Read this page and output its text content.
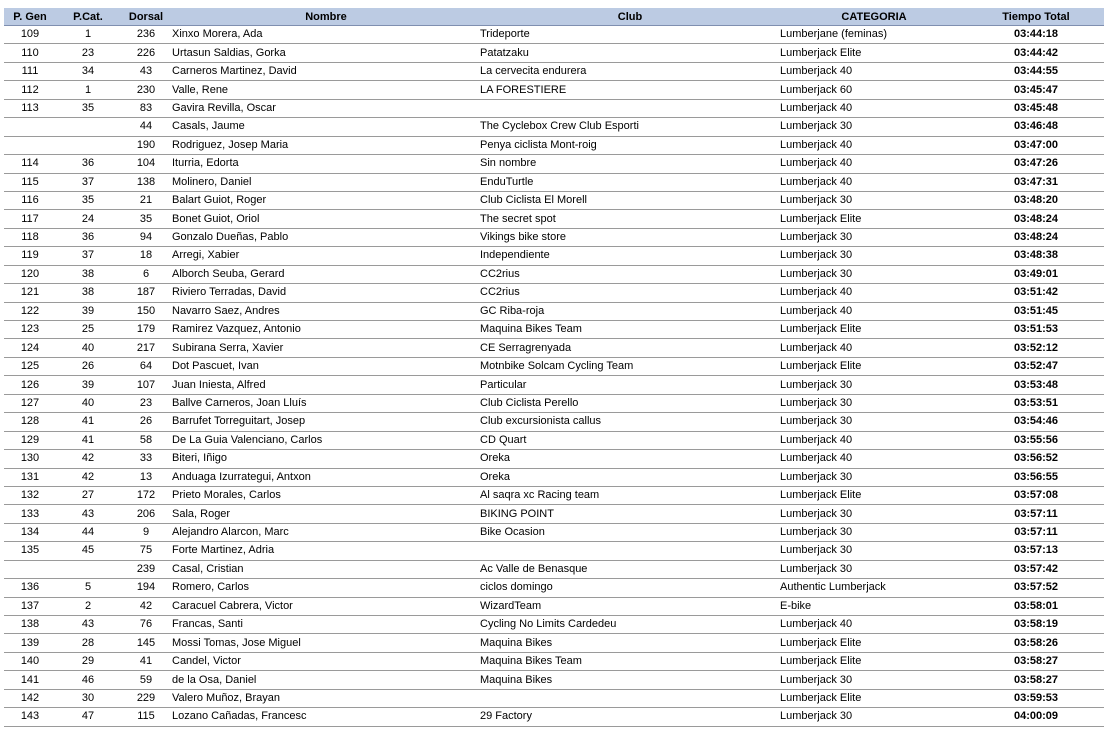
P. Gen	P.Cat.	Dorsal	Nombre	Club	CATEGORIA	Tiempo Total
109	1	236	Xinxo Morera, Ada	Trideporte	Lumberjane (feminas)	03:44:18
110	23	226	Urtasun Saldias, Gorka	Patatzaku	Lumberjack Elite	03:44:42
111	34	43	Carneros Martinez, David	La cervecita endurera	Lumberjack 40	03:44:55
112	1	230	Valle, Rene	LA FORESTIERE	Lumberjack 60	03:45:47
113	35	83	Gavira Revilla, Oscar		Lumberjack 40	03:45:48
		44	Casals, Jaume	The Cyclebox Crew Club Esporti	Lumberjack 30	03:46:48
		190	Rodriguez, Josep Maria	Penya ciclista Mont-roig	Lumberjack 40	03:47:00
114	36	104	Iturria, Edorta	Sin nombre	Lumberjack 40	03:47:26
115	37	138	Molinero, Daniel	EnduTurtle	Lumberjack 40	03:47:31
116	35	21	Balart Guiot, Roger	Club Ciclista El Morell	Lumberjack 30	03:48:20
117	24	35	Bonet Guiot, Oriol	The secret spot	Lumberjack Elite	03:48:24
118	36	94	Gonzalo Dueñas, Pablo	Vikings bike store	Lumberjack 30	03:48:24
119	37	18	Arregi, Xabier	Independiente	Lumberjack 30	03:48:38
120	38	6	Alborch Seuba, Gerard	CC2rius	Lumberjack 30	03:49:01
121	38	187	Riviero Terradas, David	CC2rius	Lumberjack 40	03:51:42
122	39	150	Navarro Saez, Andres	GC Riba-roja	Lumberjack 40	03:51:45
123	25	179	Ramirez Vazquez, Antonio	Maquina Bikes Team	Lumberjack Elite	03:51:53
124	40	217	Subirana Serra, Xavier	CE Serragrenyada	Lumberjack 40	03:52:12
125	26	64	Dot Pascuet, Ivan	Motnbike Solcam Cycling Team	Lumberjack Elite	03:52:47
126	39	107	Juan Iniesta, Alfred	Particular	Lumberjack 30	03:53:48
127	40	23	Ballve Carneros, Joan Lluís	Club Ciclista Perello	Lumberjack 30	03:53:51
128	41	26	Barrufet Torreguitart, Josep	Club excursionista callus	Lumberjack 30	03:54:46
129	41	58	De La Guia Valenciano, Carlos	CD Quart	Lumberjack 40	03:55:56
130	42	33	Biteri, Iñigo	Oreka	Lumberjack 40	03:56:52
131	42	13	Anduaga Izurrategui, Antxon	Oreka	Lumberjack 30	03:56:55
132	27	172	Prieto Morales, Carlos	Al saqra xc Racing team	Lumberjack Elite	03:57:08
133	43	206	Sala, Roger	BIKING POINT	Lumberjack 30	03:57:11
134	44	9	Alejandro Alarcon, Marc	Bike Ocasion	Lumberjack 30	03:57:11
135	45	75	Forte Martinez, Adria		Lumberjack 30	03:57:13
		239	Casal, Cristian	Ac Valle de Benasque	Lumberjack 30	03:57:42
136	5	194	Romero, Carlos	ciclos domingo	Authentic Lumberjack	03:57:52
137	2	42	Caracuel Cabrera, Victor	WizardTeam	E-bike	03:58:01
138	43	76	Francas, Santi	Cycling No Limits Cardedeu	Lumberjack 40	03:58:19
139	28	145	Mossi Tomas, Jose Miguel	Maquina Bikes	Lumberjack Elite	03:58:26
140	29	41	Candel, Victor	Maquina Bikes Team	Lumberjack Elite	03:58:27
141	46	59	de la Osa, Daniel	Maquina Bikes	Lumberjack 30	03:58:27
142	30	229	Valero Muñoz, Brayan		Lumberjack Elite	03:59:53
143	47	115	Lozano Cañadas, Francesc	29 Factory	Lumberjack 30	04:00:09
